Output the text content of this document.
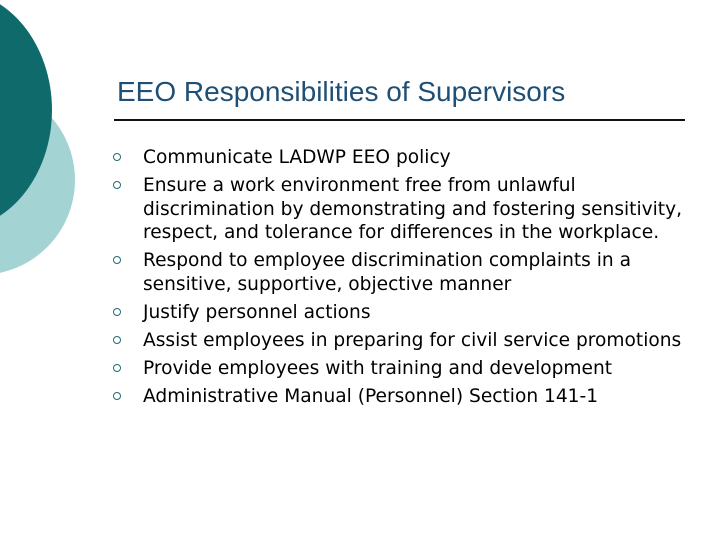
EEO Responsibilities of Supervisors
Communicate LADWP EEO policy
Ensure a work environment free from unlawful discrimination by demonstrating and fostering sensitivity, respect, and tolerance for differences in the workplace.
Respond to employee discrimination complaints in a sensitive, supportive, objective manner
Justify personnel actions
Assist employees in preparing for civil service promotions
Provide employees with training and development
Administrative Manual (Personnel) Section 141-1
